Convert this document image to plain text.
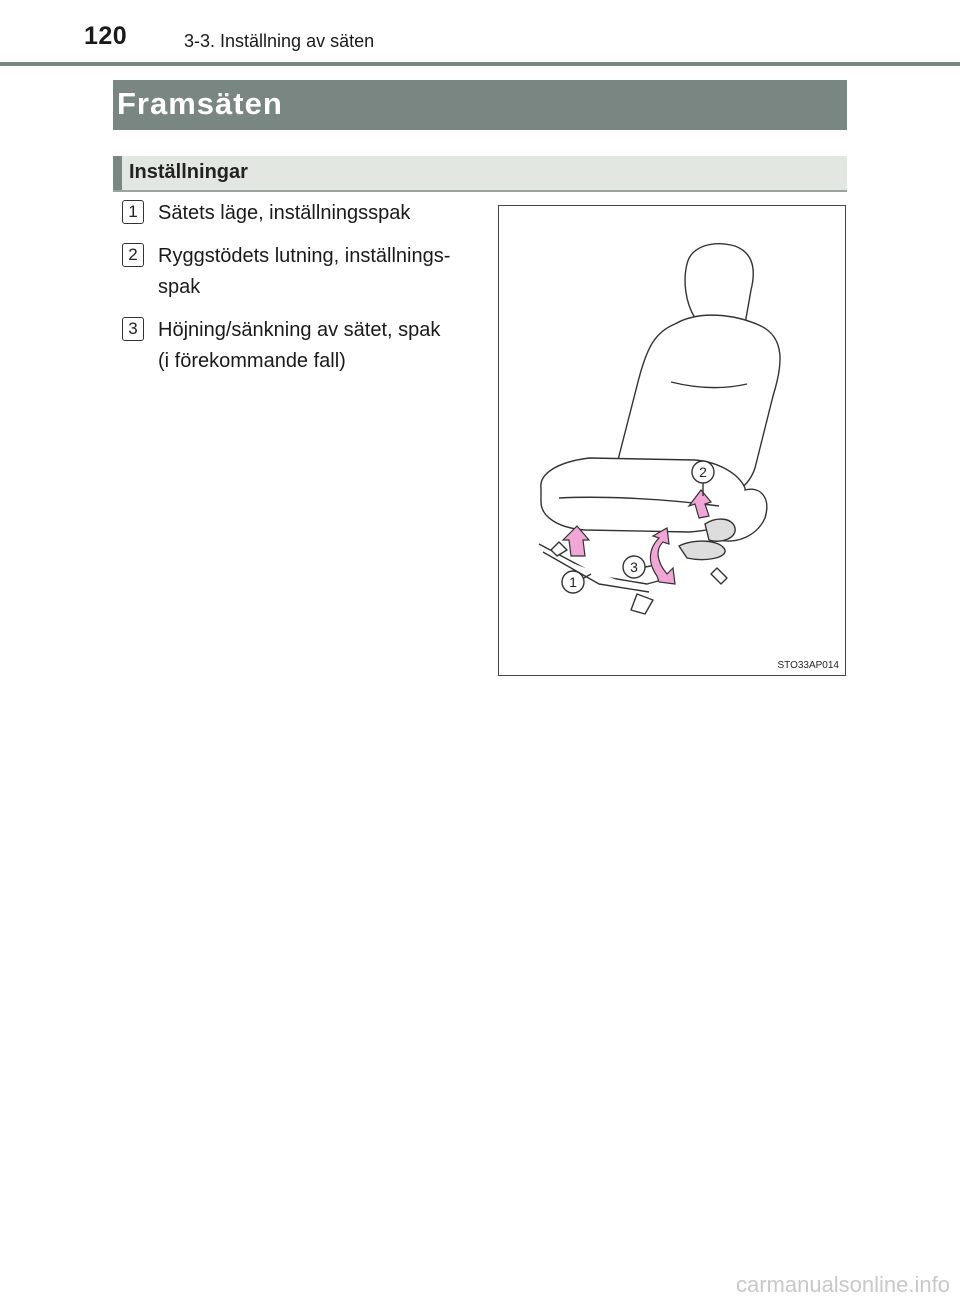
120	3-3. Inställning av säten
Framsäten
Inställningar
1	Sätets läge, inställningsspak
2	Ryggstödets lutning, inställnings-
spak
3	Höjning/sänkning av sätet, spak
(i förekommande fall)
2
3
1
STO33AP014
carmanualsonline.info
